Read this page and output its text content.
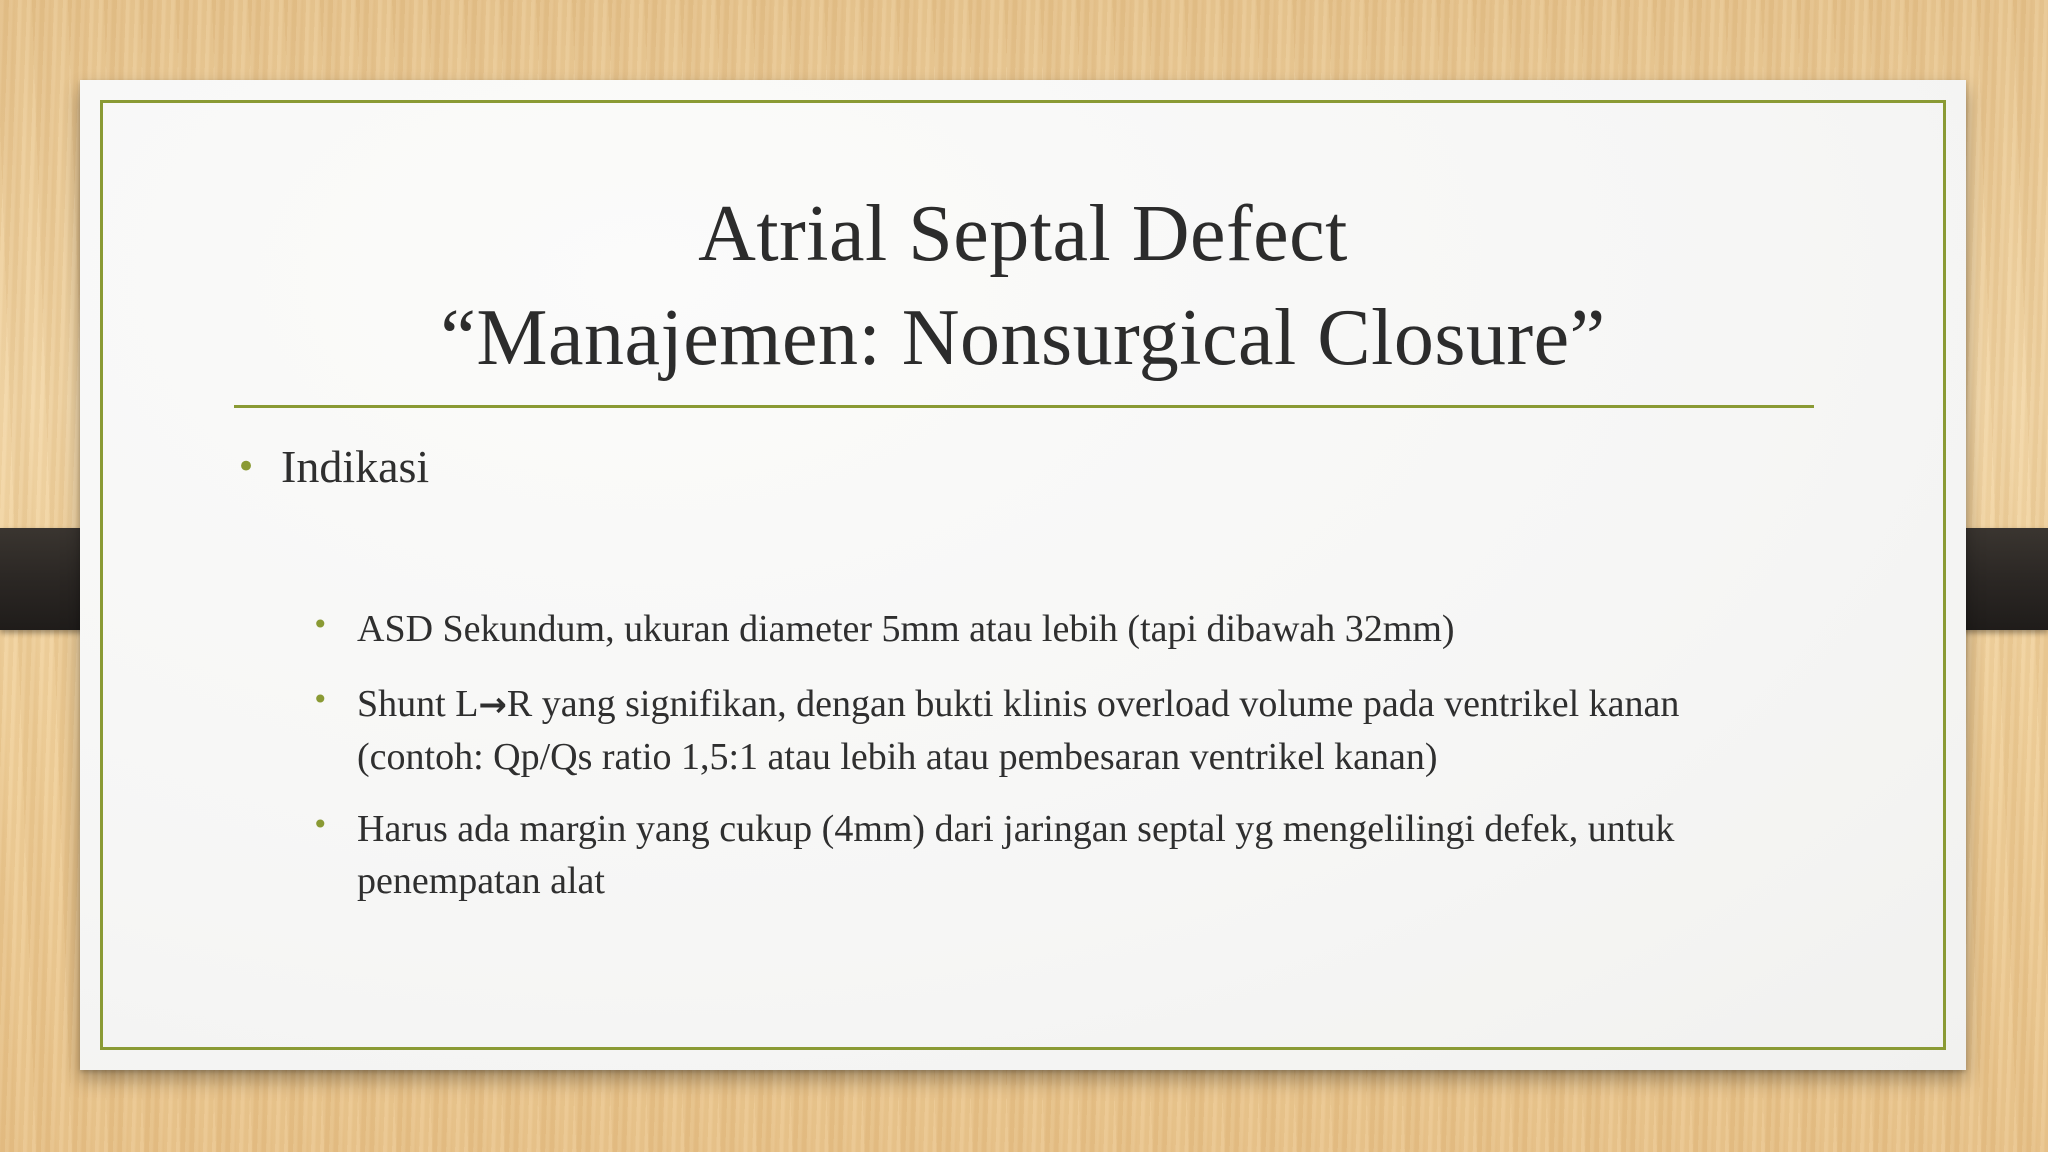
Atrial Septal Defect
“Manajemen: Nonsurgical Closure”
• Indikasi
• ASD Sekundum, ukuran diameter 5mm atau lebih (tapi dibawah 32mm)
• Shunt L→R yang signifikan, dengan bukti klinis overload volume pada ventrikel kanan
(contoh: Qp/Qs ratio 1,5:1 atau lebih atau pembesaran ventrikel kanan)
• Harus ada margin yang cukup (4mm) dari jaringan septal yg mengelilingi defek, untuk
penempatan alat
